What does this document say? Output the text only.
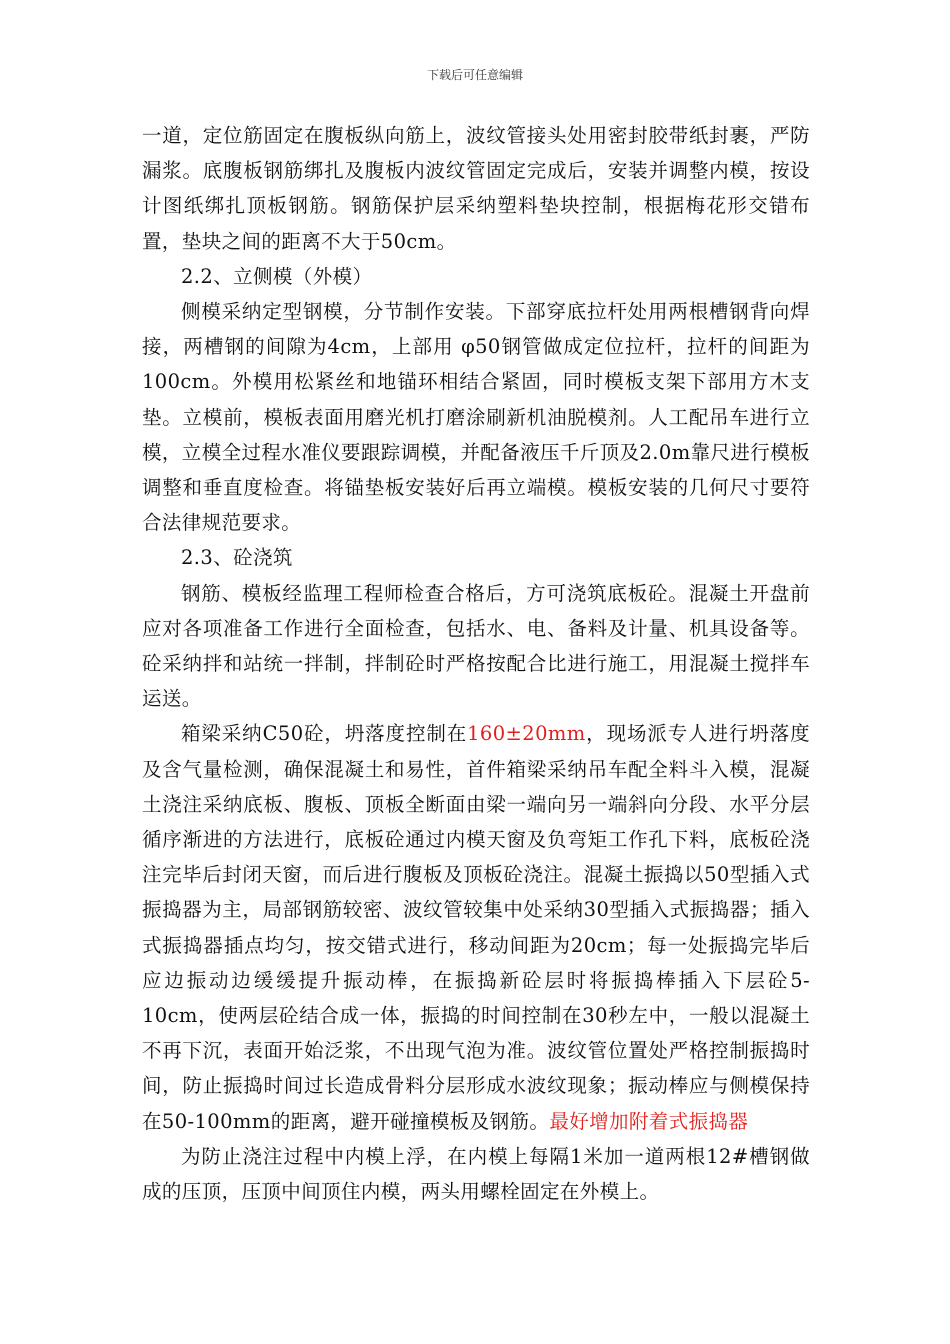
下载后可任意编辑

一道，定位筋固定在腹板纵向筋上，波纹管接头处用密封胶带纸封裹，严防漏浆。底腹板钢筋绑扎及腹板内波纹管固定完成后，安装并调整内模，按设计图纸绑扎顶板钢筋。钢筋保护层采纳塑料垫块控制，根据梅花形交错布置，垫块之间的距离不大于50cm。

2.2、立侧模（外模）

侧模采纳定型钢模，分节制作安装。下部穿底拉杆处用两根槽钢背向焊接，两槽钢的间隙为4cm，上部用 φ50钢管做成定位拉杆，拉杆的间距为100cm。外模用松紧丝和地锚环相结合紧固，同时模板支架下部用方木支垫。立模前，模板表面用磨光机打磨涂刷新机油脱模剂。人工配吊车进行立模，立模全过程水准仪要跟踪调模，并配备液压千斤顶及2.0m靠尺进行模板调整和垂直度检查。将锚垫板安装好后再立端模。模板安装的几何尺寸要符合法律规范要求。

2.3、砼浇筑

钢筋、模板经监理工程师检查合格后，方可浇筑底板砼。混凝土开盘前应对各项准备工作进行全面检查，包括水、电、备料及计量、机具设备等。砼采纳拌和站统一拌制，拌制砼时严格按配合比进行施工，用混凝土搅拌车运送。

箱梁采纳C50砼，坍落度控制在160±20mm，现场派专人进行坍落度及含气量检测，确保混凝土和易性，首件箱梁采纳吊车配全料斗入模，混凝土浇注采纳底板、腹板、顶板全断面由梁一端向另一端斜向分段、水平分层循序渐进的方法进行，底板砼通过内模天窗及负弯矩工作孔下料，底板砼浇注完毕后封闭天窗，而后进行腹板及顶板砼浇注。混凝土振捣以50型插入式振捣器为主，局部钢筋较密、波纹管较集中处采纳30型插入式振捣器；插入式振捣器插点均匀，按交错式进行，移动间距为20cm；每一处振捣完毕后应边振动边缓缓提升振动棒，在振捣新砼层时将振捣棒插入下层砼5-10cm，使两层砼结合成一体，振捣的时间控制在30秒左中，一般以混凝土不再下沉，表面开始泛浆，不出现气泡为准。波纹管位置处严格控制振捣时间，防止振捣时间过长造成骨料分层形成水波纹现象；振动棒应与侧模保持在50-100mm的距离，避开碰撞模板及钢筋。最好增加附着式振捣器

为防止浇注过程中内模上浮，在内模上每隔1米加一道两根12#槽钢做成的压顶，压顶中间顶住内模，两头用螺栓固定在外模上。
